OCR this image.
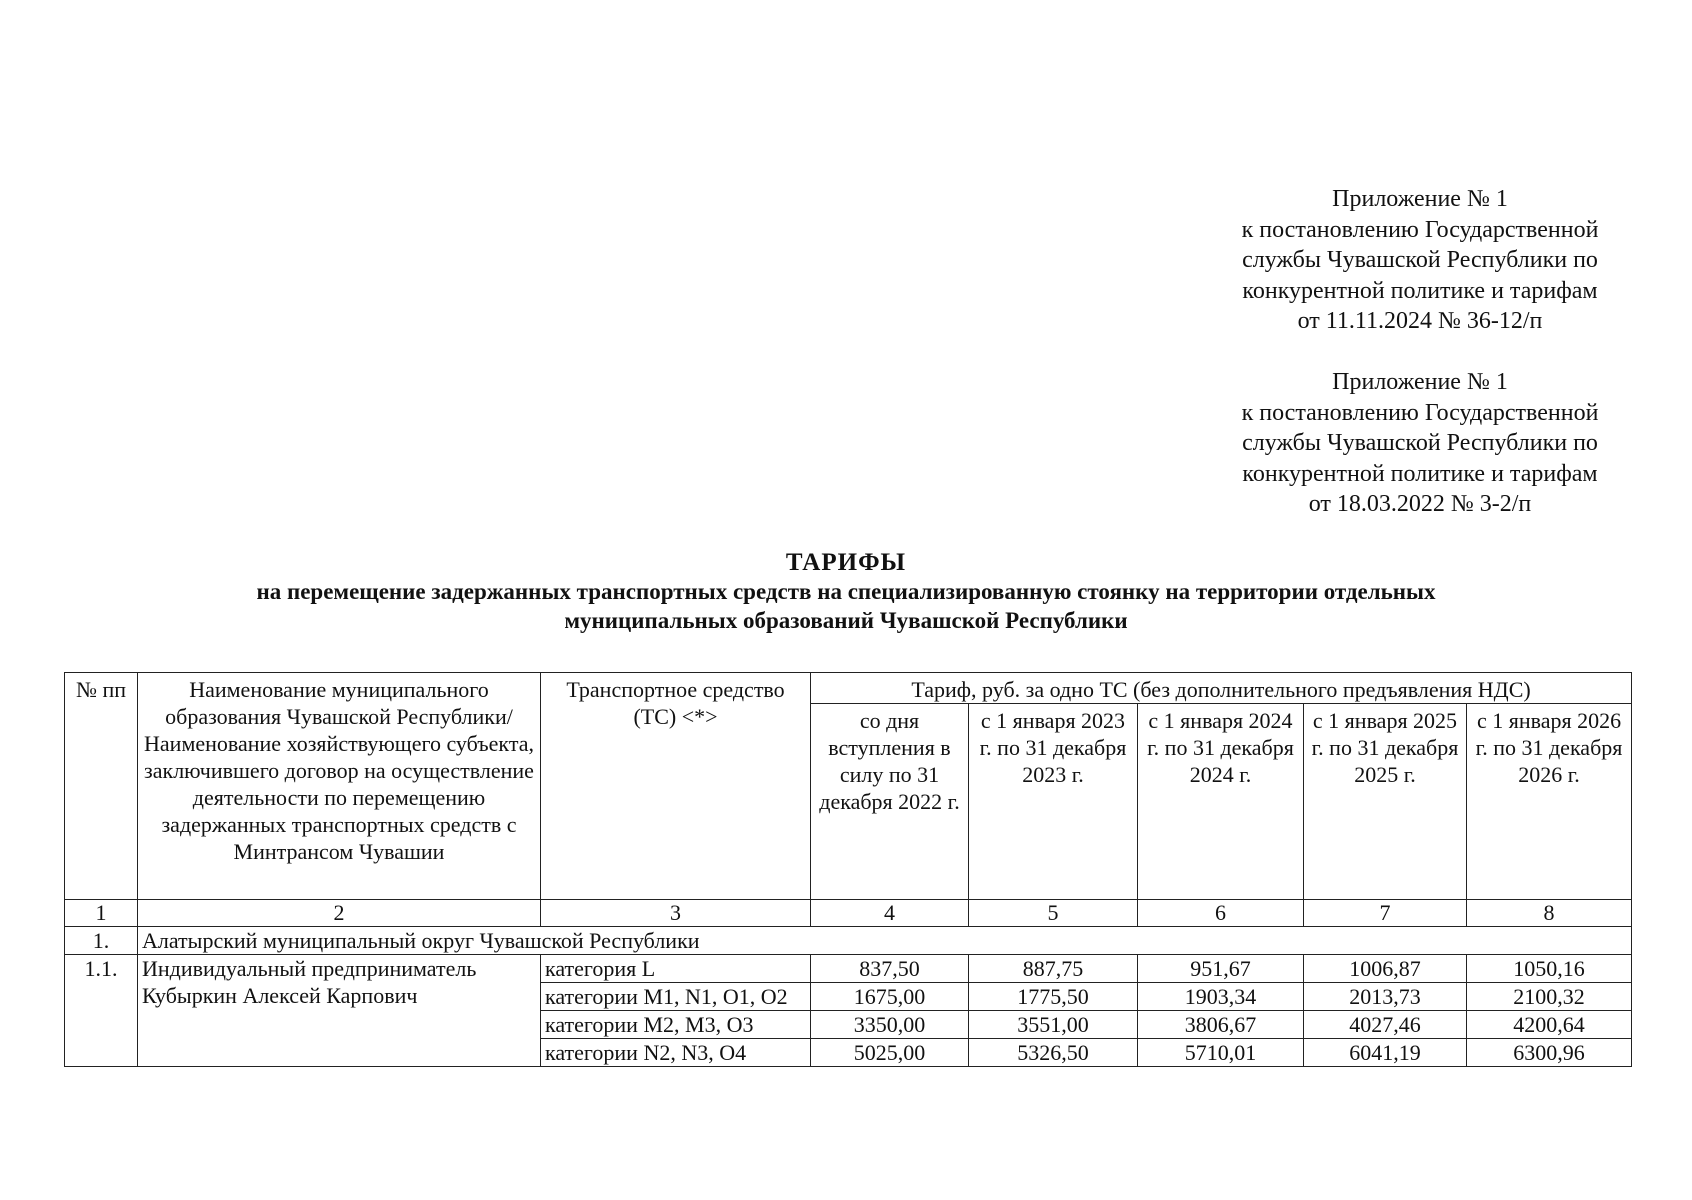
Приложение № 1
к постановлению Государственной
службы Чувашской Республики по
конкурентной политике и тарифам
от 11.11.2024 № 36-12/п
Приложение № 1
к постановлению Государственной
службы Чувашской Республики по
конкурентной политике и тарифам
от 18.03.2022 № 3-2/п
ТАРИФЫ
на перемещение задержанных транспортных средств на специализированную стоянку на территории отдельных
муниципальных образований Чувашской Республики
№ пп	Наименование муниципального образования Чувашской Республики/ Наименование хозяйствующего субъекта, заключившего договор на осуществление деятельности по перемещению задержанных транспортных средств с Минтрансом Чувашии	Транспортное средство (ТС) <*>	Тариф, руб. за одно ТС (без дополнительного предъявления НДС)				
			со дня вступления в силу по 31 декабря 2022 г.	с 1 января 2023 г. по 31 декабря 2023 г.	с 1 января 2024 г. по 31 декабря 2024 г.	с 1 января 2025 г. по 31 декабря 2025 г.	с 1 января 2026 г. по 31 декабря 2026 г.
1	2	3	4	5	6	7	8
1.	Алатырский муниципальный округ Чувашской Республики						
1.1.	Индивидуальный предприниматель Кубыркин Алексей Карпович	категория L	837,50	887,75	951,67	1006,87	1050,16
		категории M1, N1, O1, O2	1675,00	1775,50	1903,34	2013,73	2100,32
		категории M2, M3, O3	3350,00	3551,00	3806,67	4027,46	4200,64
		категории N2, N3, O4	5025,00	5326,50	5710,01	6041,19	6300,96
